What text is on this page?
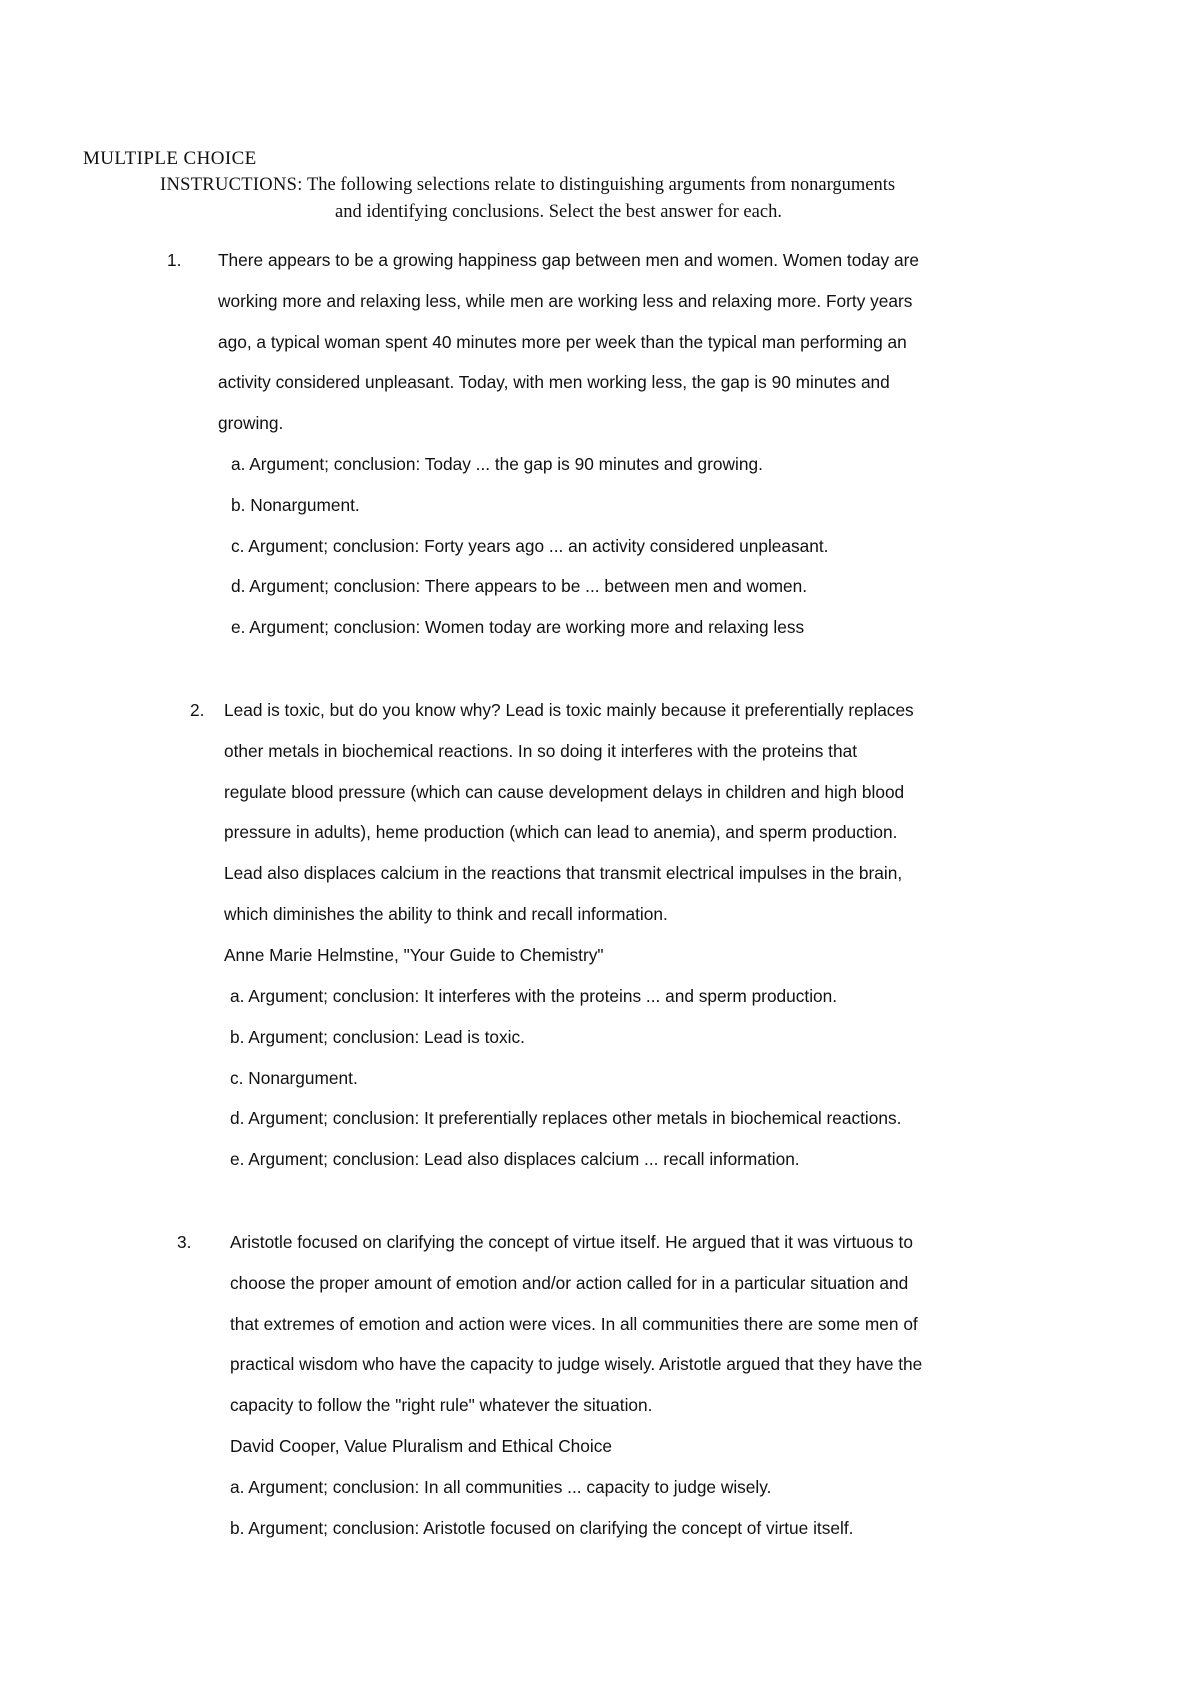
MULTIPLE CHOICE
INSTRUCTIONS: The following selections relate to distinguishing arguments from nonarguments
and identifying conclusions. Select the best answer for each.
1. There appears to be a growing happiness gap between men and women. Women today are
working more and relaxing less, while men are working less and relaxing more. Forty years
ago, a typical woman spent 40 minutes more per week than the typical man performing an
activity considered unpleasant. Today, with men working less, the gap is 90 minutes and
growing.
a. Argument; conclusion: Today ... the gap is 90 minutes and growing.
b. Nonargument.
c. Argument; conclusion: Forty years ago ... an activity considered unpleasant.
d. Argument; conclusion: There appears to be ... between men and women.
e. Argument; conclusion: Women today are working more and relaxing less
2. Lead is toxic, but do you know why? Lead is toxic mainly because it preferentially replaces
other metals in biochemical reactions. In so doing it interferes with the proteins that
regulate blood pressure (which can cause development delays in children and high blood
pressure in adults), heme production (which can lead to anemia), and sperm production.
Lead also displaces calcium in the reactions that transmit electrical impulses in the brain,
which diminishes the ability to think and recall information.
Anne Marie Helmstine, "Your Guide to Chemistry"
a. Argument; conclusion: It interferes with the proteins ... and sperm production.
b. Argument; conclusion: Lead is toxic.
c. Nonargument.
d. Argument; conclusion: It preferentially replaces other metals in biochemical reactions.
e. Argument; conclusion: Lead also displaces calcium ... recall information.
3. Aristotle focused on clarifying the concept of virtue itself. He argued that it was virtuous to
choose the proper amount of emotion and/or action called for in a particular situation and
that extremes of emotion and action were vices. In all communities there are some men of
practical wisdom who have the capacity to judge wisely. Aristotle argued that they have the
capacity to follow the "right rule" whatever the situation.
David Cooper, Value Pluralism and Ethical Choice
a. Argument; conclusion: In all communities ... capacity to judge wisely.
b. Argument; conclusion: Aristotle focused on clarifying the concept of virtue itself.
